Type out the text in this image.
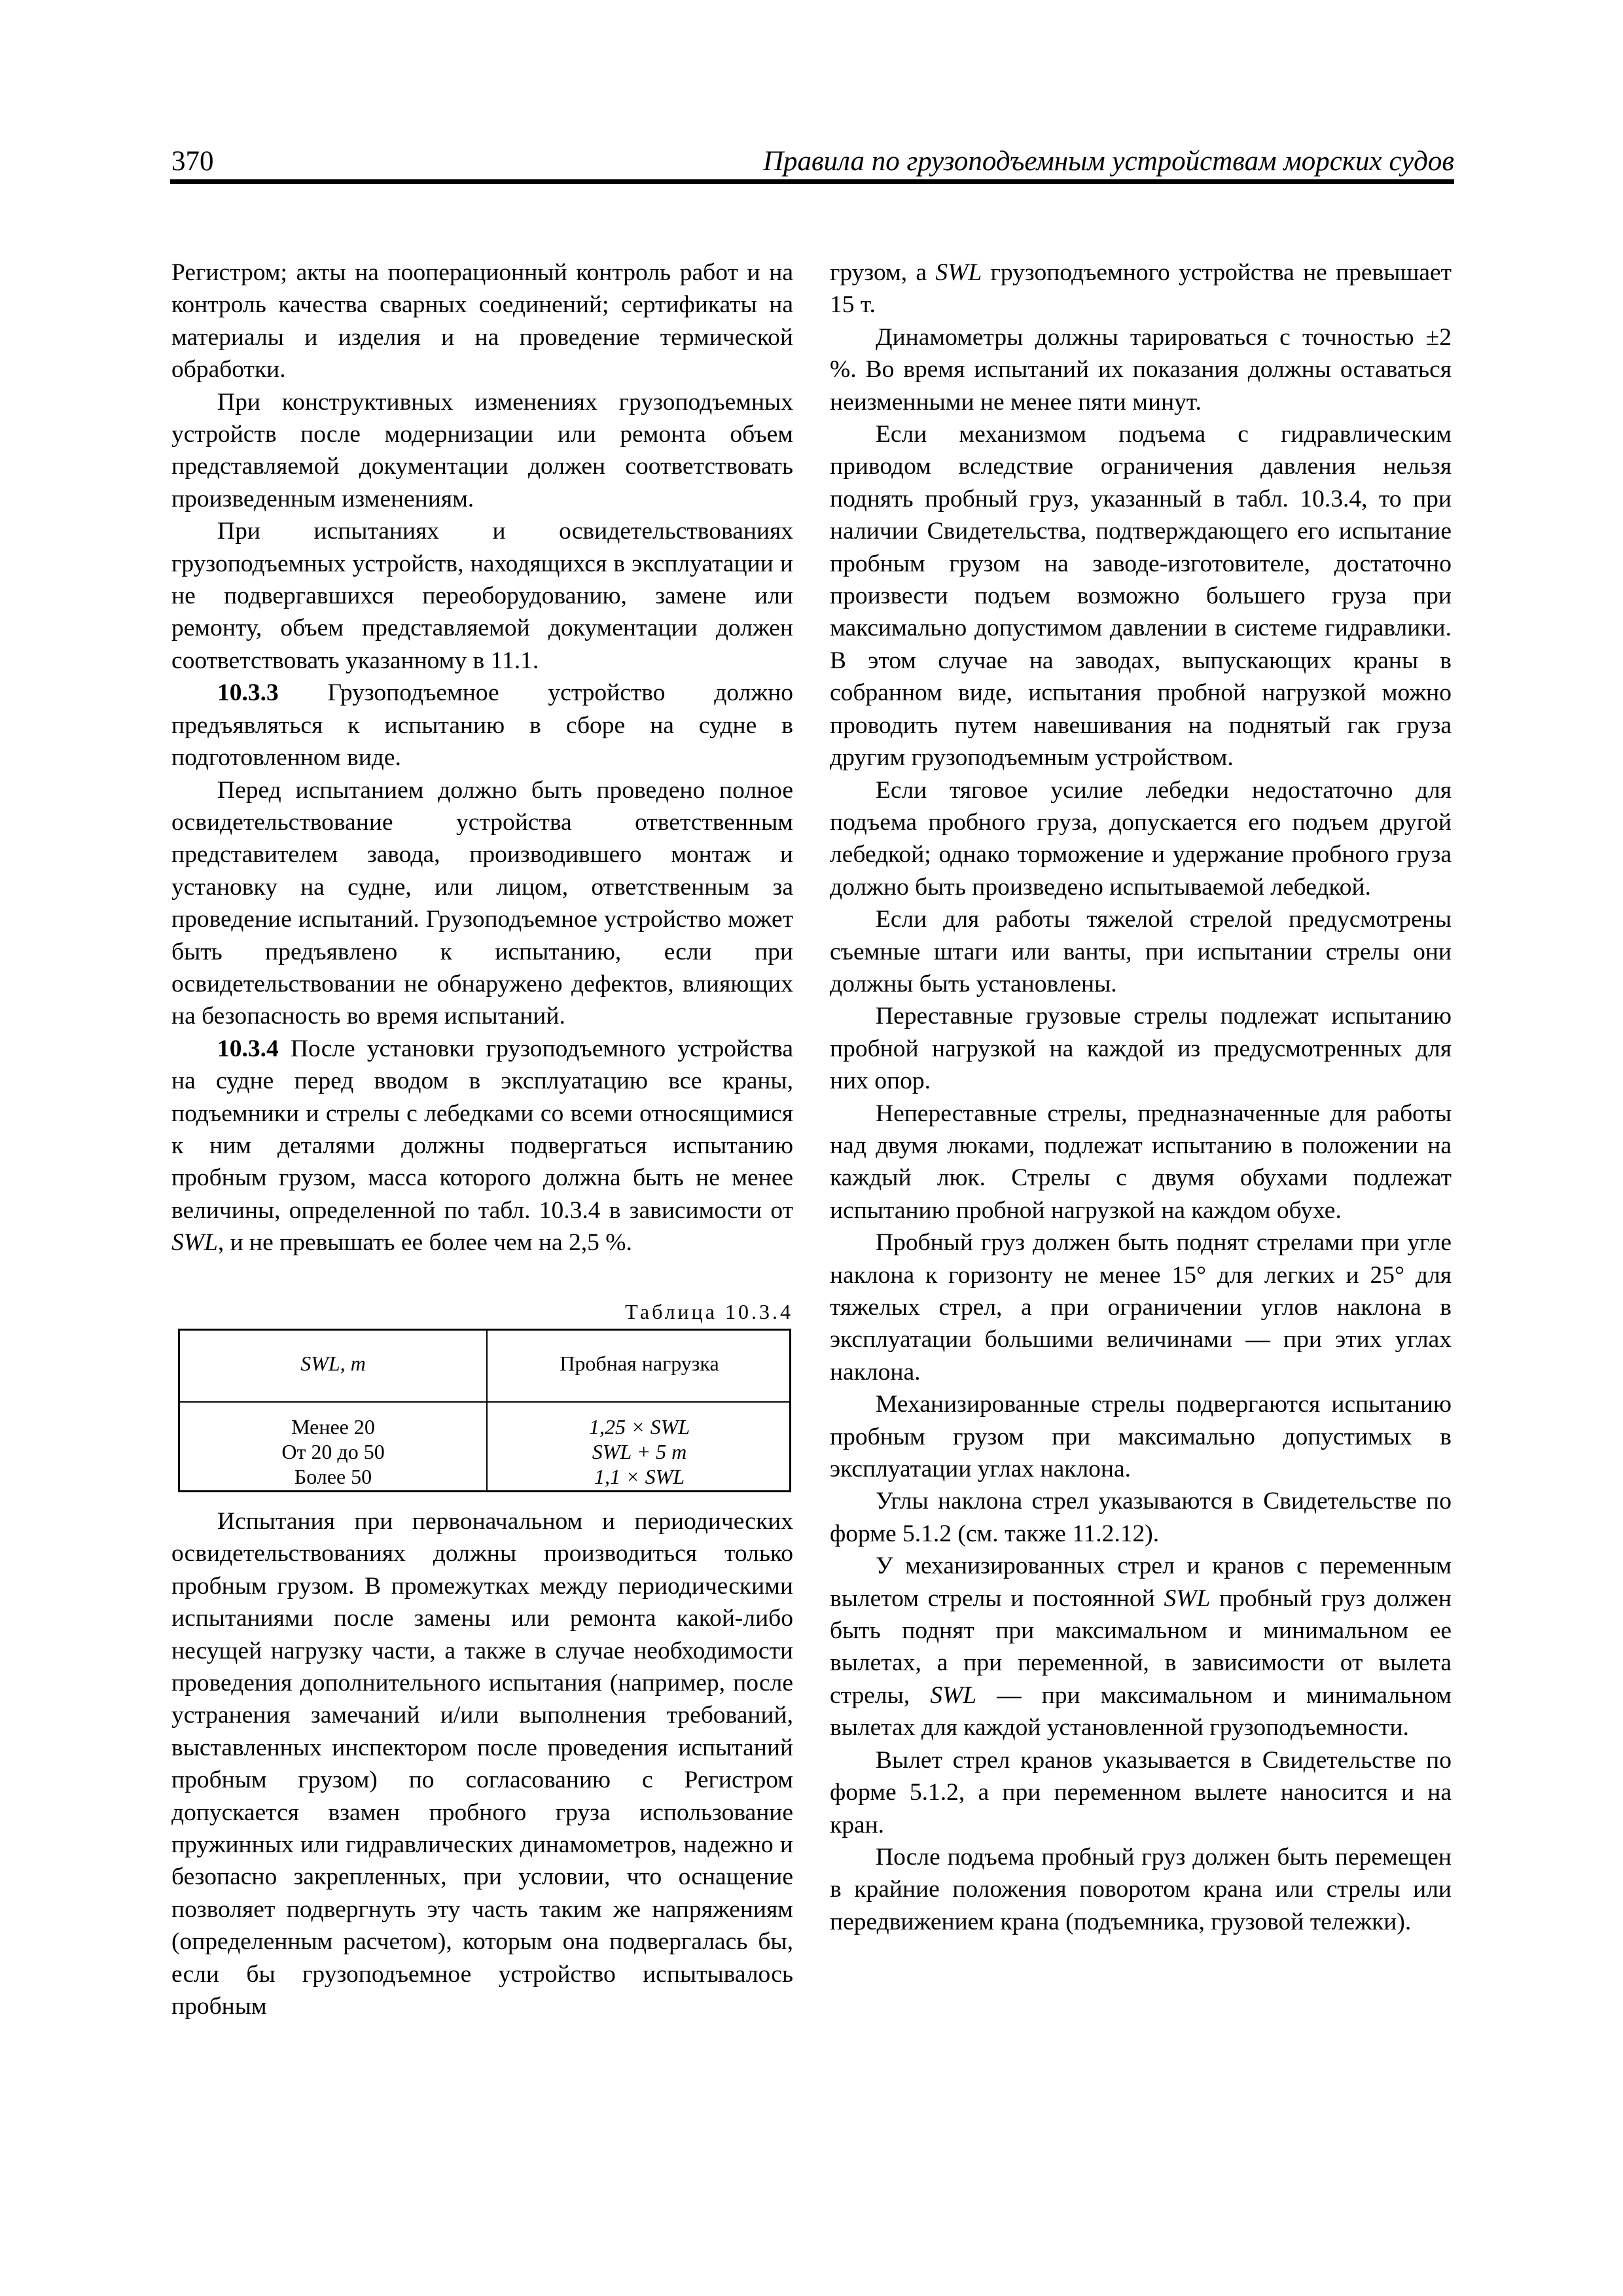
370	Правила по грузоподъемным устройствам морских судов

Регистром; акты на пооперационный контроль работ и на контроль качества сварных соединений; сертификаты на материалы и изделия и на проведение термической обработки.

При конструктивных изменениях грузоподъемных устройств после модернизации или ремонта объем представляемой документации должен соответствовать произведенным изменениям.

При испытаниях и освидетельствованиях грузоподъемных устройств, находящихся в эксплуатации и не подвергавшихся переоборудованию, замене или ремонту, объем представляемой документации должен соответствовать указанному в 11.1.

10.3.3 Грузоподъемное устройство должно предъявляться к испытанию в сборе на судне в подготовленном виде.

Перед испытанием должно быть проведено полное освидетельствование устройства ответственным представителем завода, производившего монтаж и установку на судне, или лицом, ответственным за проведение испытаний. Грузоподъемное устройство может быть предъявлено к испытанию, если при освидетельствовании не обнаружено дефектов, влияющих на безопасность во время испытаний.

10.3.4 После установки грузоподъемного устройства на судне перед вводом в эксплуатацию все краны, подъемники и стрелы с лебедками со всеми относящимися к ним деталями должны подвергаться испытанию пробным грузом, масса которого должна быть не менее величины, определенной по табл. 10.3.4 в зависимости от SWL, и не превышать ее более чем на 2,5 %.

Таблица 10.3.4
SWL, т	Пробная нагрузка
Менее 20
От 20 до 50
Более 50
1,25 × SWL
SWL + 5 т
1,1 × SWL

Испытания при первоначальном и периодических освидетельствованиях должны производиться только пробным грузом. В промежутках между периодическими испытаниями после замены или ремонта какой-либо несущей нагрузку части, а также в случае необходимости проведения дополнительного испытания (например, после устранения замечаний и/или выполнения требований, выставленных инспектором после проведения испытаний пробным грузом) по согласованию с Регистром допускается взамен пробного груза использование пружинных или гидравлических динамометров, надежно и безопасно закрепленных, при условии, что оснащение позволяет подвергнуть эту часть таким же напряжениям (определенным расчетом), которым она подвергалась бы, если бы грузоподъемное устройство испытывалось пробным

грузом, а SWL грузоподъемного устройства не превышает 15 т.

Динамометры должны тарироваться с точностью ±2 %. Во время испытаний их показания должны оставаться неизменными не менее пяти минут.

Если механизмом подъема с гидравлическим приводом вследствие ограничения давления нельзя поднять пробный груз, указанный в табл. 10.3.4, то при наличии Свидетельства, подтверждающего его испытание пробным грузом на заводе-изготовителе, достаточно произвести подъем возможно большего груза при максимально допустимом давлении в системе гидравлики. В этом случае на заводах, выпускающих краны в собранном виде, испытания пробной нагрузкой можно проводить путем навешивания на поднятый гак груза другим грузоподъемным устройством.

Если тяговое усилие лебедки недостаточно для подъема пробного груза, допускается его подъем другой лебедкой; однако торможение и удержание пробного груза должно быть произведено испытываемой лебедкой.

Если для работы тяжелой стрелой предусмотрены съемные штаги или ванты, при испытании стрелы они должны быть установлены.

Переставные грузовые стрелы подлежат испытанию пробной нагрузкой на каждой из предусмотренных для них опор.

Непереставные стрелы, предназначенные для работы над двумя люками, подлежат испытанию в положении на каждый люк. Стрелы с двумя обухами подлежат испытанию пробной нагрузкой на каждом обухе.

Пробный груз должен быть поднят стрелами при угле наклона к горизонту не менее 15° для легких и 25° для тяжелых стрел, а при ограничении углов наклона в эксплуатации большими величинами — при этих углах наклона.

Механизированные стрелы подвергаются испытанию пробным грузом при максимально допустимых в эксплуатации углах наклона.

Углы наклона стрел указываются в Свидетельстве по форме 5.1.2 (см. также 11.2.12).

У механизированных стрел и кранов с переменным вылетом стрелы и постоянной SWL пробный груз должен быть поднят при максимальном и минимальном ее вылетах, а при переменной, в зависимости от вылета стрелы, SWL — при максимальном и минимальном вылетах для каждой установленной грузоподъемности.

Вылет стрел кранов указывается в Свидетельстве по форме 5.1.2, а при переменном вылете наносится и на кран.

После подъема пробный груз должен быть перемещен в крайние положения поворотом крана или стрелы или передвижением крана (подъемника, грузовой тележки).
